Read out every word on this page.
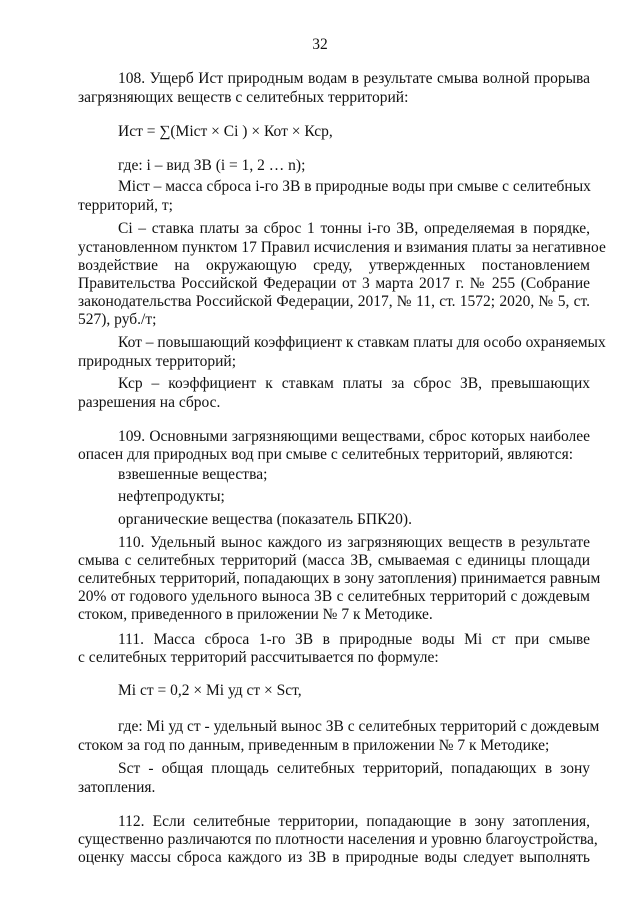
32
108. Ущерб Ист природным водам в результате смыва волной прорыва
загрязняющих веществ с селитебных территорий:
Ист = ∑(Miст × Ci ) × Кот × Кср,
где: i – вид ЗВ (i = 1, 2 … n);
Miст – масса сброса i-го ЗВ в природные воды при смыве с селитебных
территорий, т;
Ci – ставка платы за сброс 1 тонны i-го ЗВ, определяемая в порядке,
установленном пунктом 17 Правил исчисления и взимания платы за негативное
воздействие на окружающую среду, утвержденных постановлением
Правительства Российской Федерации от 3 марта 2017 г. № 255 (Собрание
законодательства Российской Федерации, 2017, № 11, ст. 1572; 2020, № 5, ст.
527), руб./т;
Кот – повышающий коэффициент к ставкам платы для особо охраняемых
природных территорий;
Кср – коэффициент к ставкам платы за сброс ЗВ, превышающих
разрешения на сброс.
109. Основными загрязняющими веществами, сброс которых наиболее
опасен для природных вод при смыве с селитебных территорий, являются:
взвешенные вещества;
нефтепродукты;
органические вещества (показатель БПК20).
110. Удельный вынос каждого из загрязняющих веществ в результате
смыва с селитебных территорий (масса ЗВ, смываемая с единицы площади
селитебных территорий, попадающих в зону затопления) принимается равным
20% от годового удельного выноса ЗВ с селитебных территорий с дождевым
стоком, приведенного в приложении № 7 к Методике.
111. Масса сброса 1-го ЗВ в природные воды Mi ст при смыве
с селитебных территорий рассчитывается по формуле:
Mi ст = 0,2 × Mi уд ст × Sст,
где: Mi уд ст - удельный вынос ЗВ с селитебных территорий с дождевым
стоком за год по данным, приведенным в приложении № 7 к Методике;
Sст - общая площадь селитебных территорий, попадающих в зону
затопления.
112. Если селитебные территории, попадающие в зону затопления,
существенно различаются по плотности населения и уровню благоустройства,
оценку массы сброса каждого из ЗВ в природные воды следует выполнять
